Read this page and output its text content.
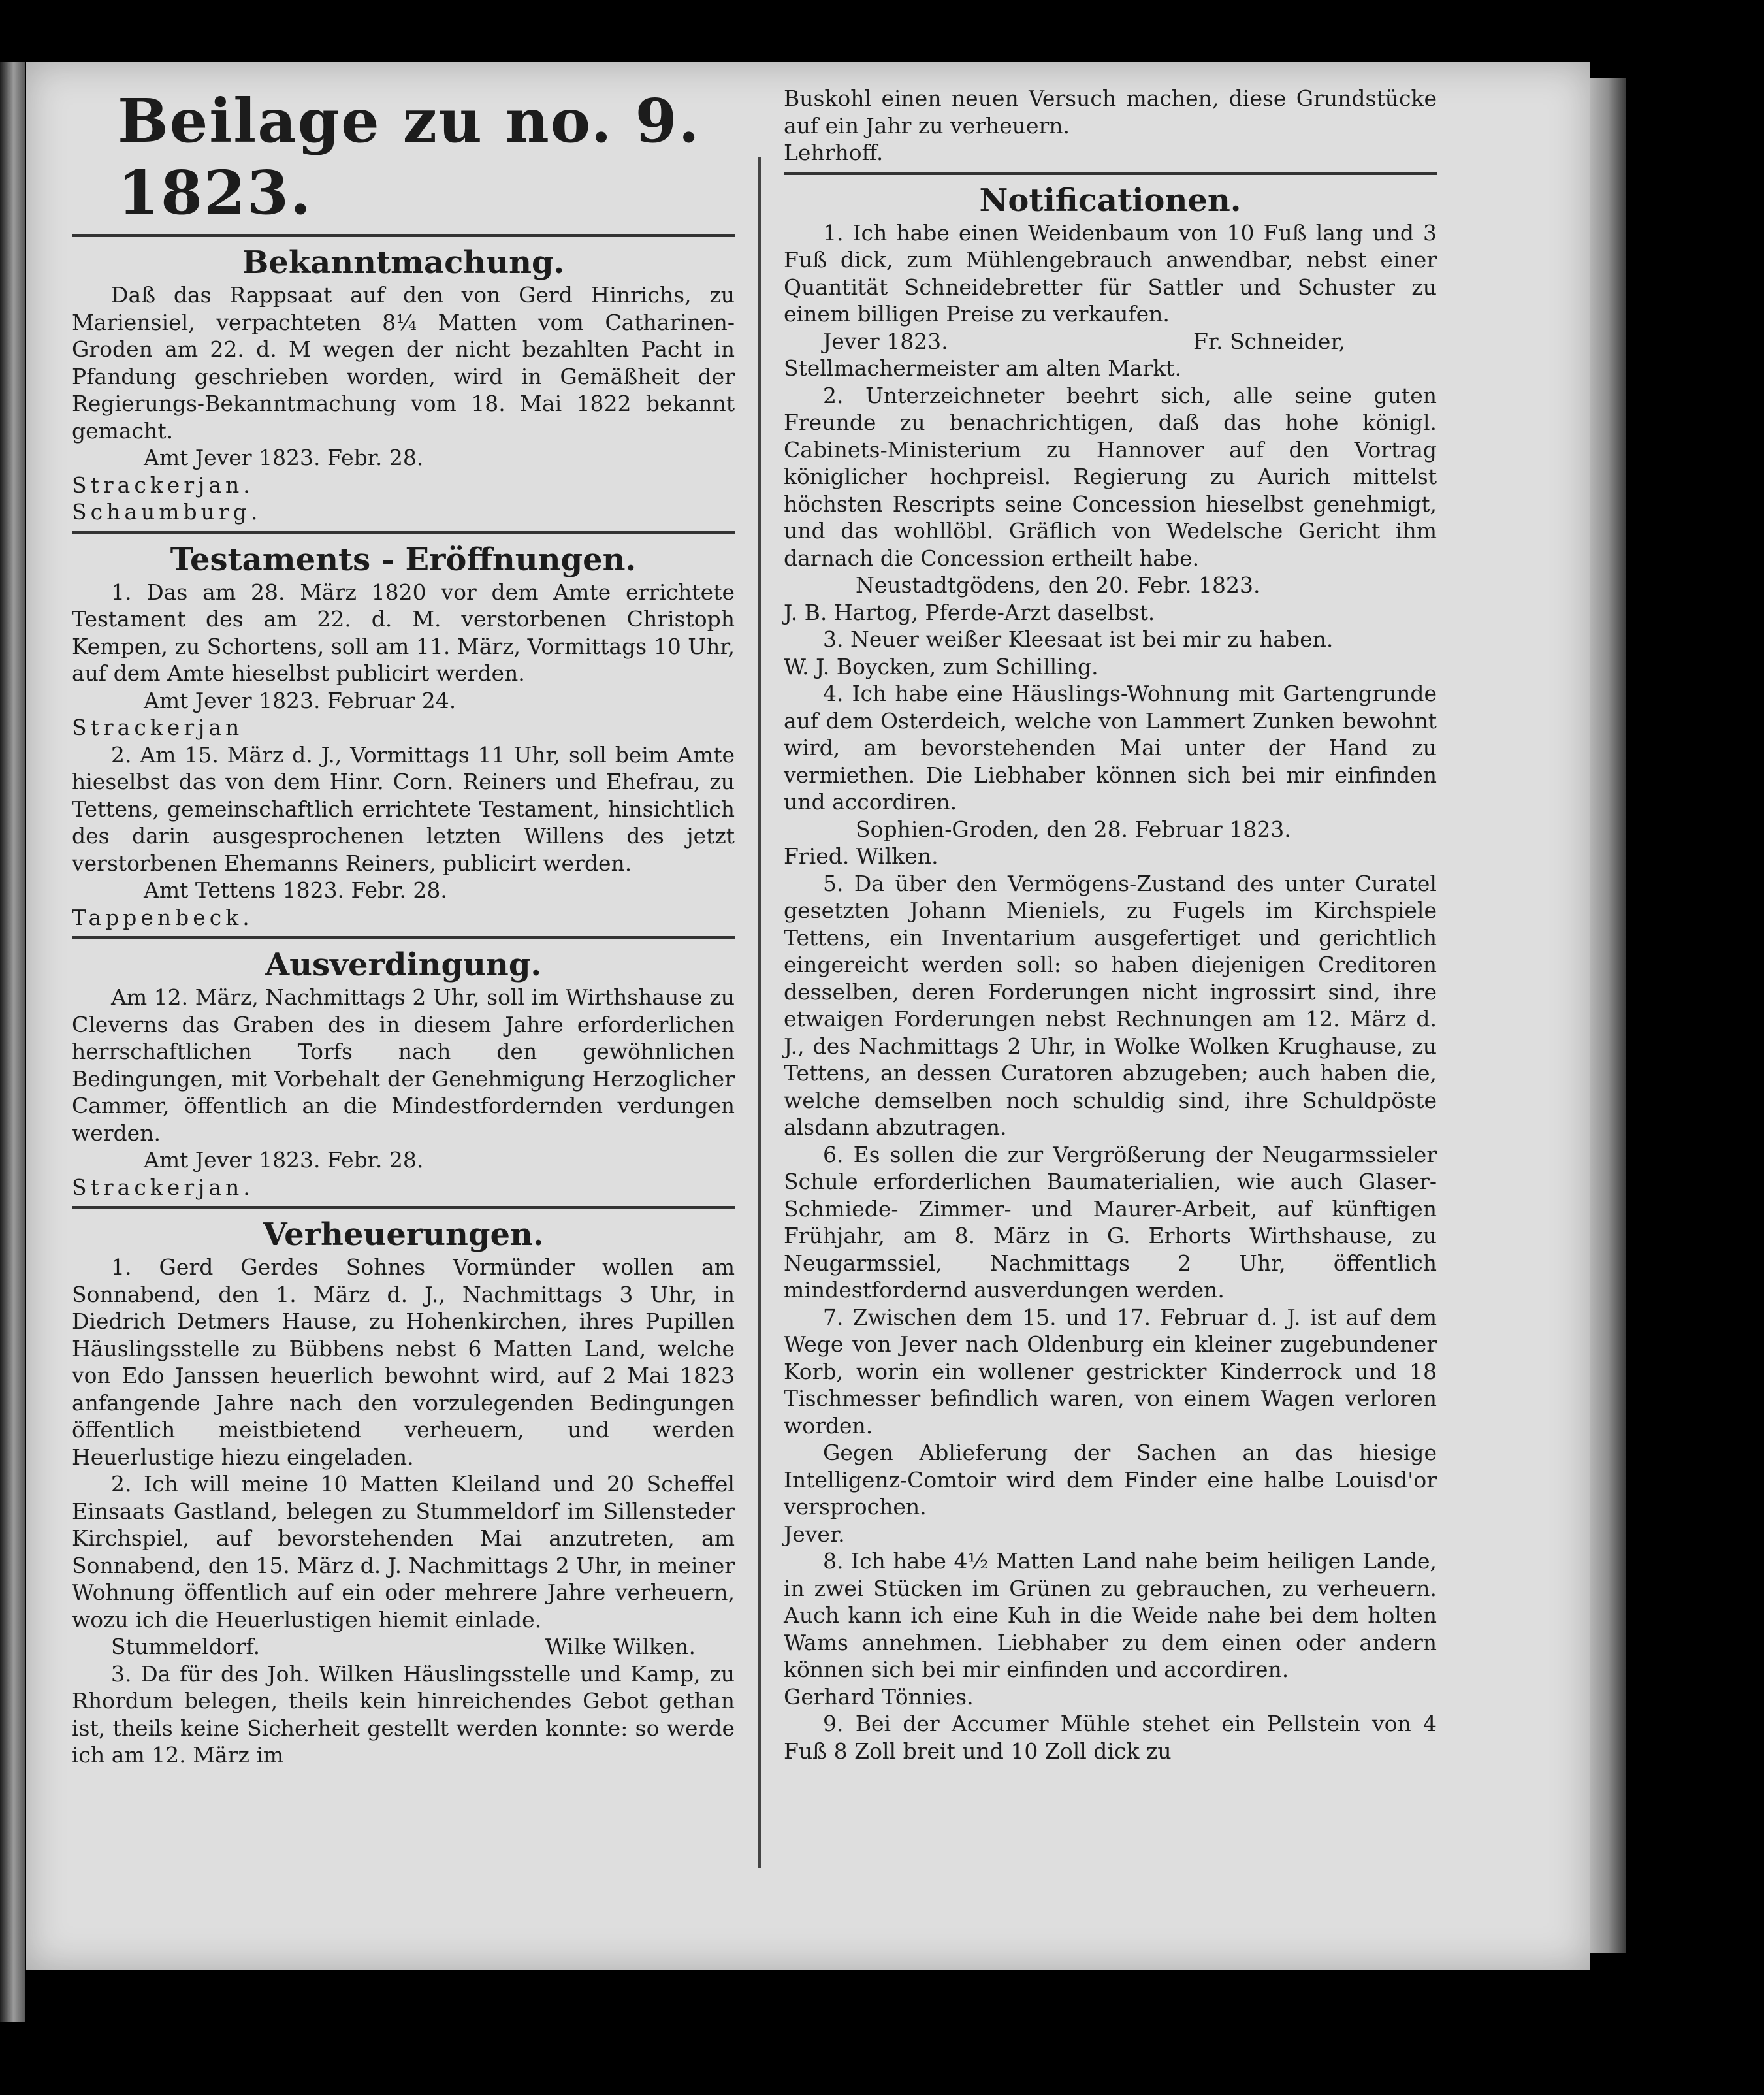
Beilage zu no. 9. 1823.
Bekanntmachung.

Daß das Rappsaat auf den von Gerd Hinrichs, zu Mariensiel, verpachteten 8¼ Matten vom Catharinen-Groden am 22. d. M wegen der nicht bezahlten Pacht in Pfandung geschrieben worden, wird in Gemäßheit der Regierungs-Bekanntmachung vom 18. Mai 1822 bekannt gemacht.

Amt Jever 1823. Febr. 28.
Strackerjan.
Schaumburg.
Testaments - Eröffnungen.

1. Das am 28. März 1820 vor dem Amte errichtete Testament des am 22. d. M. verstorbenen Christoph Kempen, zu Schortens, soll am 11. März, Vormittags 10 Uhr, auf dem Amte hieselbst publicirt werden.

Amt Jever 1823. Februar 24.
Strackerjan

2. Am 15. März d. J., Vormittags 11 Uhr, soll beim Amte hieselbst das von dem Hinr. Corn. Reiners und Ehefrau, zu Tettens, gemeinschaftlich errichtete Testament, hinsichtlich des darin ausgesprochenen letzten Willens des jetzt verstorbenen Ehemanns Reiners, publicirt werden.

Amt Tettens 1823. Febr. 28.
Tappenbeck.
Ausverdingung.

Am 12. März, Nachmittags 2 Uhr, soll im Wirthshause zu Cleverns das Graben des in diesem Jahre erforderlichen herrschaftlichen Torfs nach den gewöhnlichen Bedingungen, mit Vorbehalt der Genehmigung Herzoglicher Cammer, öffentlich an die Mindestfordernden verdungen werden.

Amt Jever 1823. Febr. 28.
Strackerjan.
Verheuerungen.

1. Gerd Gerdes Sohnes Vormünder wollen am Sonnabend, den 1. März d. J., Nachmittags 3 Uhr, in Diedrich Detmers Hause, zu Hohenkirchen, ihres Pupillen Häuslingsstelle zu Bübbens nebst 6 Matten Land, welche von Edo Janssen heuerlich bewohnt wird, auf 2 Mai 1823 anfangende Jahre nach den vorzulegenden Bedingungen öffentlich meistbietend verheuern, und werden Heuerlustige hiezu eingeladen.

2. Ich will meine 10 Matten Kleiland und 20 Scheffel Einsaats Gastland, belegen zu Stummeldorf im Sillensteder Kirchspiel, auf bevorstehenden Mai anzutreten, am Sonnabend, den 15. März d. J. Nachmittags 2 Uhr, in meiner Wohnung öffentlich auf ein oder mehrere Jahre verheuern, wozu ich die Heuerlustigen hiemit einlade.

Stummeldorf.	Wilke Wilken.

3. Da für des Joh. Wilken Häuslingsstelle und Kamp, zu Rhordum belegen, theils kein hinreichendes Gebot gethan ist, theils keine Sicherheit gestellt werden konnte: so werde ich am 12. März im

Buskohl einen neuen Versuch machen, diese Grundstücke auf ein Jahr zu verheuern.

Lehrhoff.
Notificationen.

1. Ich habe einen Weidenbaum von 10 Fuß lang und 3 Fuß dick, zum Mühlengebrauch anwendbar, nebst einer Quantität Schneidebretter für Sattler und Schuster zu einem billigen Preise zu verkaufen.

Jever 1823.	Fr. Schneider,
Stellmachermeister am alten Markt.

2. Unterzeichneter beehrt sich, alle seine guten Freunde zu benachrichtigen, daß das hohe königl. Cabinets-Ministerium zu Hannover auf den Vortrag königlicher hochpreisl. Regierung zu Aurich mittelst höchsten Rescripts seine Concession hieselbst genehmigt, und das wohllöbl. Gräflich von Wedelsche Gericht ihm darnach die Concession ertheilt habe.

Neustadtgödens, den 20. Febr. 1823.
J. B. Hartog, Pferde-Arzt daselbst.

3. Neuer weißer Kleesaat ist bei mir zu haben.

W. J. Boycken, zum Schilling.

4. Ich habe eine Häuslings-Wohnung mit Gartengrunde auf dem Osterdeich, welche von Lammert Zunken bewohnt wird, am bevorstehenden Mai unter der Hand zu vermiethen. Die Liebhaber können sich bei mir einfinden und accordiren.

Sophien-Groden, den 28. Februar 1823.
Fried. Wilken.

5. Da über den Vermögens-Zustand des unter Curatel gesetzten Johann Mieniels, zu Fugels im Kirchspiele Tettens, ein Inventarium ausgefertiget und gerichtlich eingereicht werden soll: so haben diejenigen Creditoren desselben, deren Forderungen nicht ingrossirt sind, ihre etwaigen Forderungen nebst Rechnungen am 12. März d. J., des Nachmittags 2 Uhr, in Wolke Wolken Krughause, zu Tettens, an dessen Curatoren abzugeben; auch haben die, welche demselben noch schuldig sind, ihre Schuldpöste alsdann abzutragen.

6. Es sollen die zur Vergrößerung der Neugarmssieler Schule erforderlichen Baumaterialien, wie auch Glaser- Schmiede- Zimmer- und Maurer-Arbeit, auf künftigen Frühjahr, am 8. März in G. Erhorts Wirthshause, zu Neugarmssiel, Nachmittags 2 Uhr, öffentlich mindestfordernd ausverdungen werden.

7. Zwischen dem 15. und 17. Februar d. J. ist auf dem Wege von Jever nach Oldenburg ein kleiner zugebundener Korb, worin ein wollener gestrickter Kinderrock und 18 Tischmesser befindlich waren, von einem Wagen verloren worden.

Gegen Ablieferung der Sachen an das hiesige Intelligenz-Comtoir wird dem Finder eine halbe Louisd'or versprochen.

Jever.

8. Ich habe 4½ Matten Land nahe beim heiligen Lande, in zwei Stücken im Grünen zu gebrauchen, zu verheuern. Auch kann ich eine Kuh in die Weide nahe bei dem holten Wams annehmen. Liebhaber zu dem einen oder andern können sich bei mir einfinden und accordiren.

Gerhard Tönnies.

9. Bei der Accumer Mühle stehet ein Pellstein von 4 Fuß 8 Zoll breit und 10 Zoll dick zu
